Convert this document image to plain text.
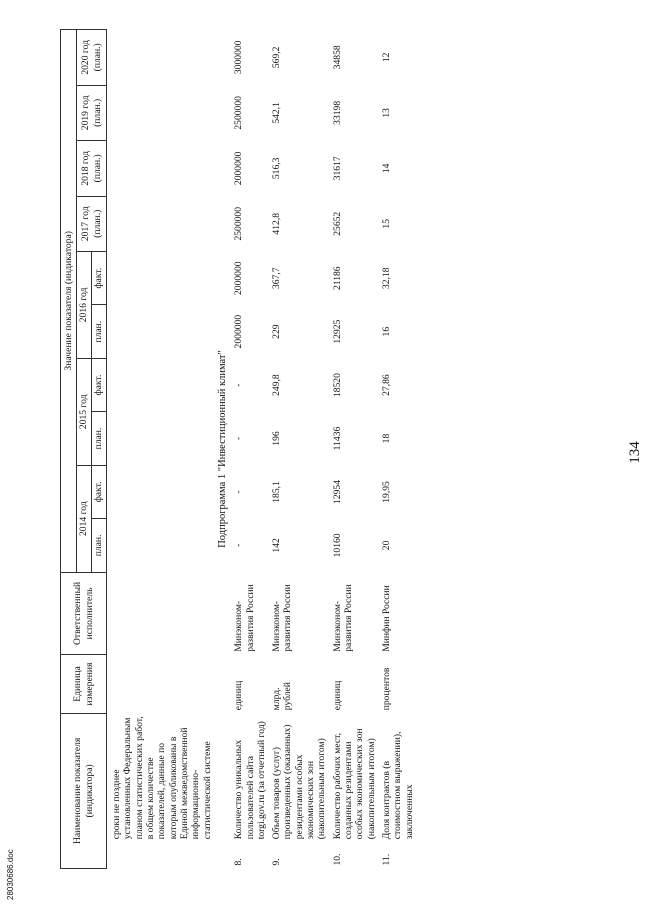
134
28030686.doc
Наименование показателя (индикатора)		Единица измерения	Ответственный исполнитель	Значение показателя (индикатора)									
				2014 год		2015 год		2016 год		2017 год (план.)	2018 год (план.)	2019 год (план.)	2020 год (план.)
				план.	факт.	план.	факт.	план.	факт.				
	сроки не позднее установленных Федеральным планом статистических работ, в общем количестве показателей, данные по которым опубликованы в Единой межведомственной информационно-статистической системе												
Подпрограмма 1 "Инвестиционный климат"													
8.	Количество уникальных пользователей сайта torgi.gov.ru (за отчетный год)	единиц	Минэконом-развития России	-	-	-	-	2000000	2000000	2500000	2000000	2500000	3000000
9.	Объем товаров (услуг) произведенных (оказанных) резидентами особых экономических зон (накопительным итогом)	млрд. рублей	Минэконом-развития России	142	185,1	196	249,8	229	367,7	412,8	516,3	542,1	569,2
10.	Количество рабочих мест, созданных резидентами особых экономических зон (накопительным итогом)	единиц	Минэконом-развития России	10160	12954	11436	18520	12925	21186	25652	31617	33198	34858
11.	Доля контрактов (в стоимостном выражении), заключенных	процентов	Минфин России	20	19,95	18	27,86	16	32,18	15	14	13	12
